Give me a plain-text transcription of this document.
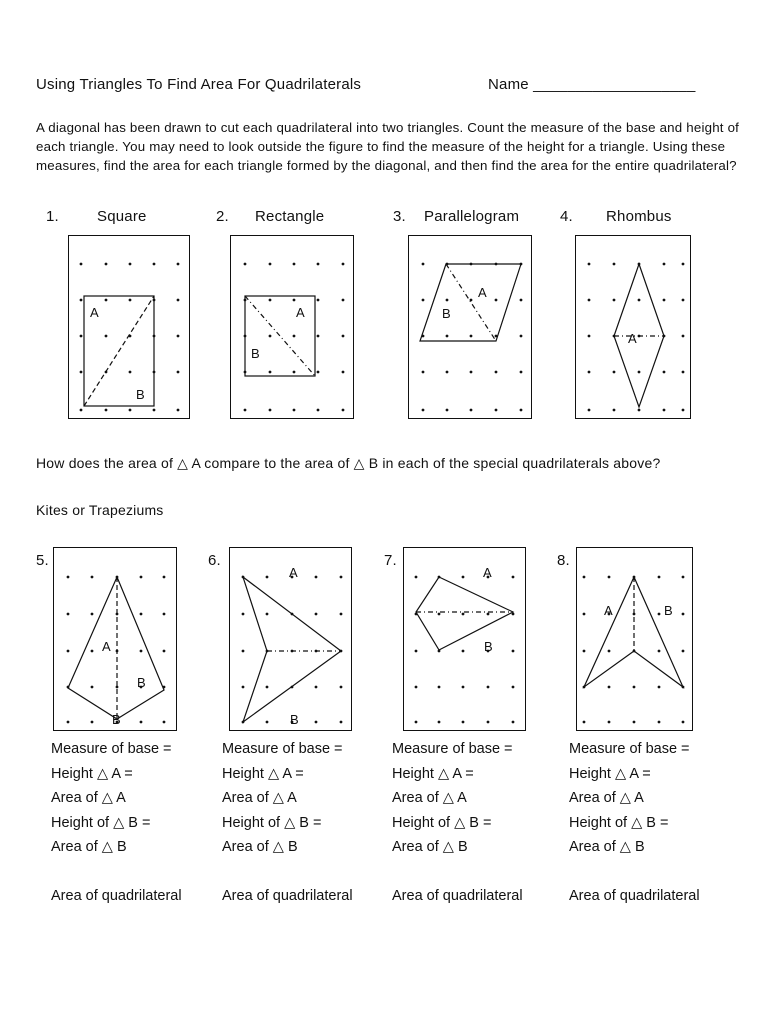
Using Triangles To Find Area For Quadrilaterals	Name ___________________
A diagonal has been drawn to cut each quadrilateral into two triangles. Count the measure of the base and height of each triangle. You may need to look outside the figure to find the measure of the height for a triangle. Using these measures, find the area for each triangle formed by the diagonal, and then find the area for the entire quadrilateral?
1.	Square	2. Rectangle	3. Parallelogram	4. Rhombus
A
B
A
B
A
B
A
How does the area of △ A compare to the area of △ B in each of the special quadrilaterals above?
Kites or Trapeziums
5.	6.	7.	8.
A
B
B
A
B
A
B
A	B
Measure of base =
Height △ A =
Area of △ A
Height of △ B =
Area of △ B
Area of quadrilateral
Measure of base =
Height △ A =
Area of △ A
Height of △ B =
Area of △ B
Area of quadrilateral
Measure of base =
Height △ A =
Area of △ A
Height of △ B =
Area of △ B
Area of quadrilateral
Measure of base =
Height △ A =
Area of △ A
Height of △ B =
Area of △ B
Area of quadrilateral
